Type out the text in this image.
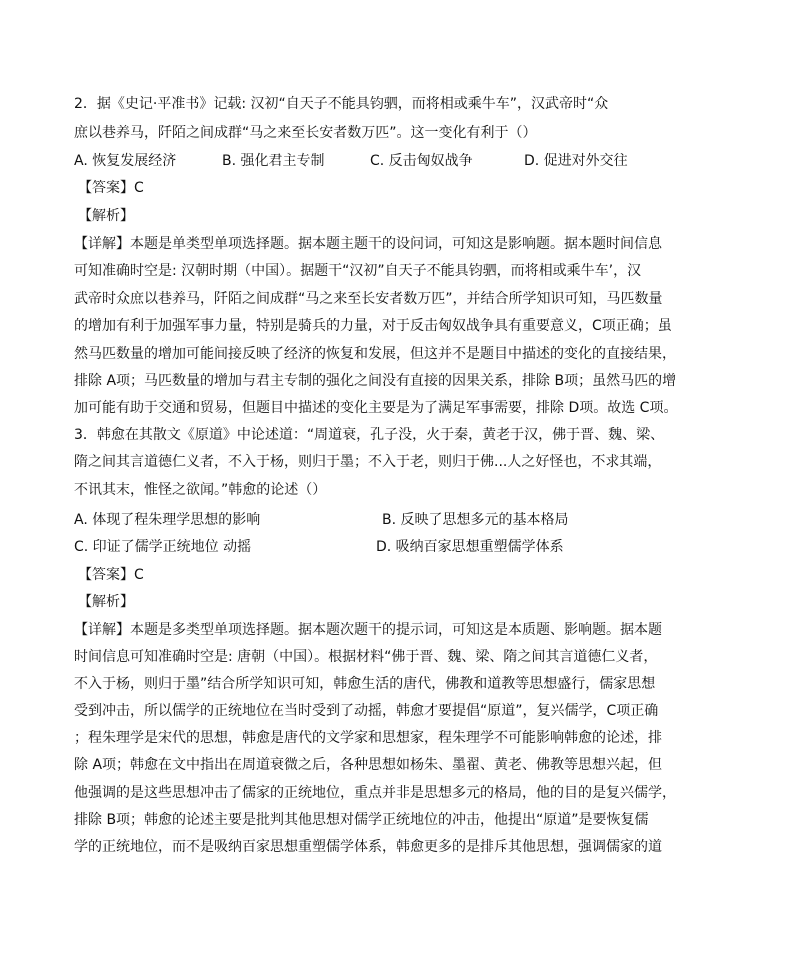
2．据《史记·平准书》记载: 汉初“自天子不能具钧驷，而将相或乘牛车”，汉武帝时“众
庶以巷养马，阡陌之间成群“马之来至长安者数万匹”。这一变化有利于（）
A. 恢复发展经济	B. 强化君主专制	C. 反击匈奴战争	D. 促进对外交往
【答案】C
【解析】
【详解】本题是单类型单项选择题。据本题主题干的设问词，可知这是影响题。据本题时间信息
可知准确时空是: 汉朝时期（中国）。据题干“汉初”自天子不能具钧驷，而将相或乘牛车’，汉
武帝时众庶以巷养马，阡陌之间成群“马之来至长安者数万匹”，并结合所学知识可知，马匹数量
的增加有利于加强军事力量，特别是骑兵的力量，对于反击匈奴战争具有重要意义，C项正确；虽
然马匹数量的增加可能间接反映了经济的恢复和发展，但这并不是题目中描述的变化的直接结果，
排除 A项；马匹数量的增加与君主专制的强化之间没有直接的因果关系，排除 B项；虽然马匹的增
加可能有助于交通和贸易，但题目中描述的变化主要是为了满足军事需要，排除 D项。故选 C项。
3．韩愈在其散文《原道》中论述道：“周道衰，孔子没，火于秦，黄老于汉，佛于晋、魏、梁、
隋之间其言道德仁义者，不入于杨，则归于墨；不入于老，则归于佛...人之好怪也，不求其端，
不讯其末，惟怪之欲闻。”韩愈的论述（）
A. 体现了程朱理学思想的影响	B. 反映了思想多元的基本格局
C. 印证了儒学正统地位 动摇	D. 吸纳百家思想重塑儒学体系
【答案】C
【解析】
【详解】本题是多类型单项选择题。据本题次题干的提示词，可知这是本质题、影响题。据本题
时间信息可知准确时空是: 唐朝（中国）。根据材料“佛于晋、魏、梁、隋之间其言道德仁义者，
不入于杨，则归于墨”结合所学知识可知，韩愈生活的唐代，佛教和道教等思想盛行，儒家思想
受到冲击，所以儒学的正统地位在当时受到了动摇，韩愈才要提倡“原道”，复兴儒学，C项正确
；程朱理学是宋代的思想，韩愈是唐代的文学家和思想家，程朱理学不可能影响韩愈的论述，排
除 A项；韩愈在文中指出在周道衰微之后，各种思想如杨朱、墨翟、黄老、佛教等思想兴起，但
他强调的是这些思想冲击了儒家的正统地位，重点并非是思想多元的格局，他的目的是复兴儒学，
排除 B项；韩愈的论述主要是批判其他思想对儒学正统地位的冲击，他提出“原道”是要恢复儒
学的正统地位，而不是吸纳百家思想重塑儒学体系，韩愈更多的是排斥其他思想，强调儒家的道
